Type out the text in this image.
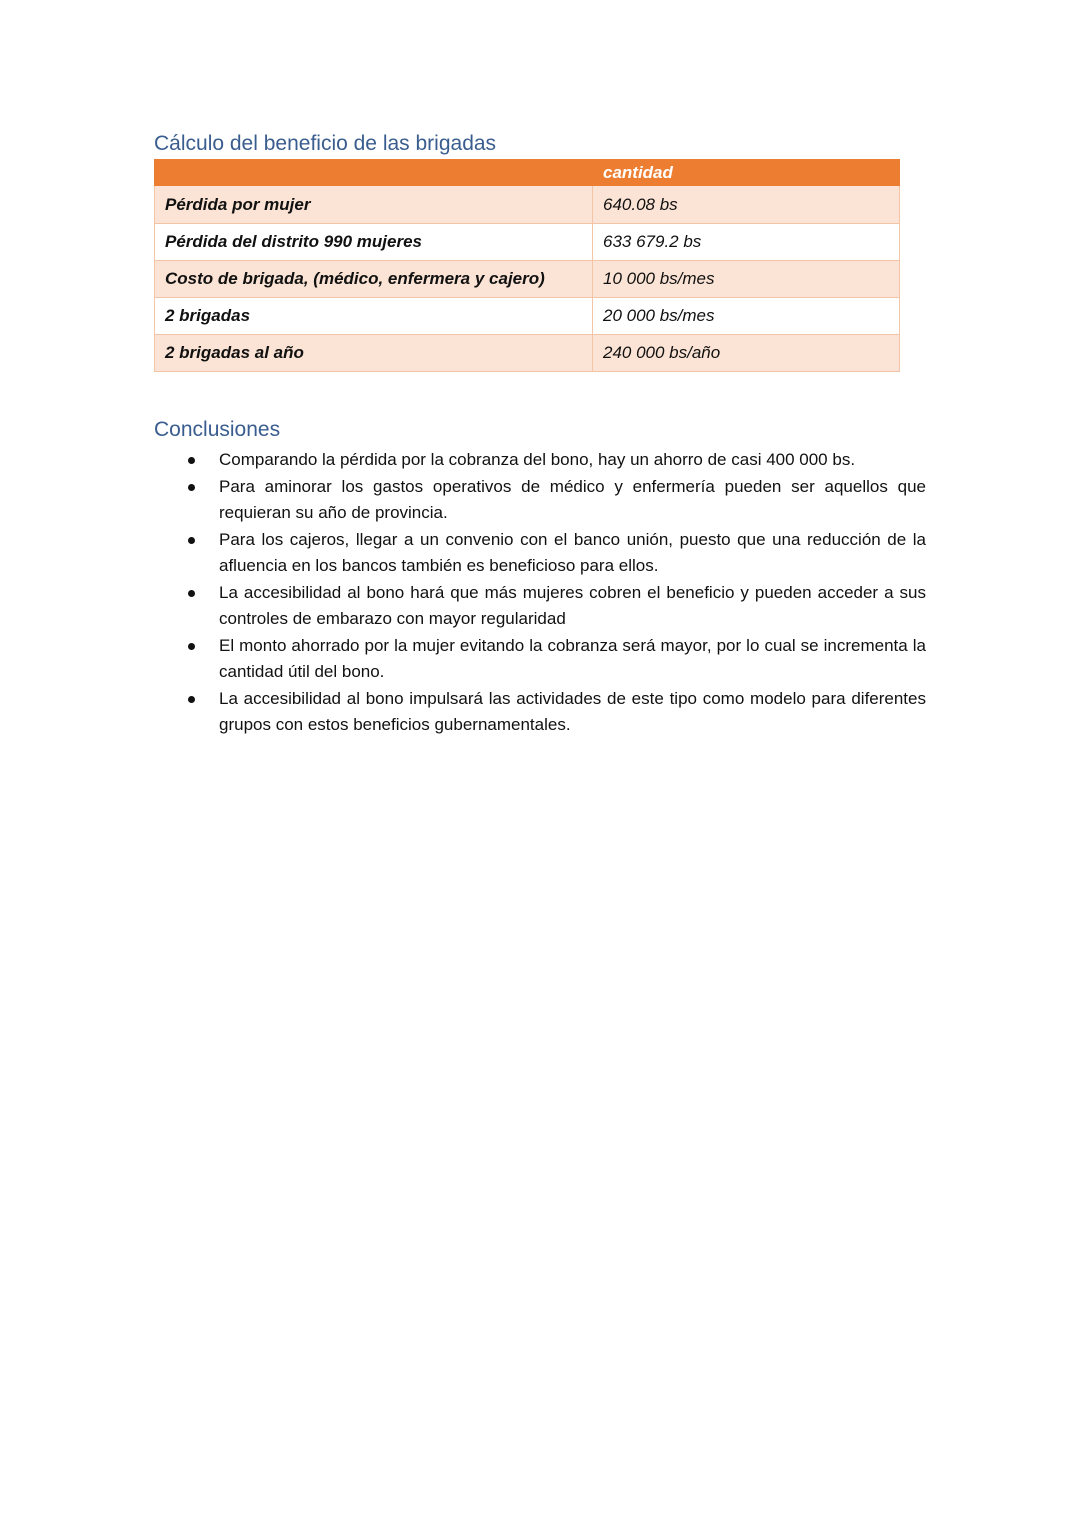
Cálculo del beneficio de las brigadas
	cantidad
Pérdida por mujer	640.08 bs
Pérdida del distrito 990 mujeres	633 679.2 bs
Costo de brigada, (médico, enfermera y cajero)	10 000 bs/mes
2 brigadas	20 000 bs/mes
2 brigadas al año	240 000 bs/año
Conclusiones
Comparando la pérdida por la cobranza del bono, hay un ahorro de casi 400 000 bs.
Para aminorar los gastos operativos de médico y enfermería pueden ser aquellos que requieran su año de provincia.
Para los cajeros, llegar a un convenio con el banco unión, puesto que una reducción de la afluencia en los bancos también es beneficioso para ellos.
La accesibilidad al bono hará que más mujeres cobren el beneficio y pueden acceder a sus controles de embarazo con mayor regularidad
El monto ahorrado por la mujer evitando la cobranza será mayor, por lo cual se incrementa la cantidad útil del bono.
La accesibilidad al bono impulsará las actividades de este tipo como modelo para diferentes grupos con estos beneficios gubernamentales.
